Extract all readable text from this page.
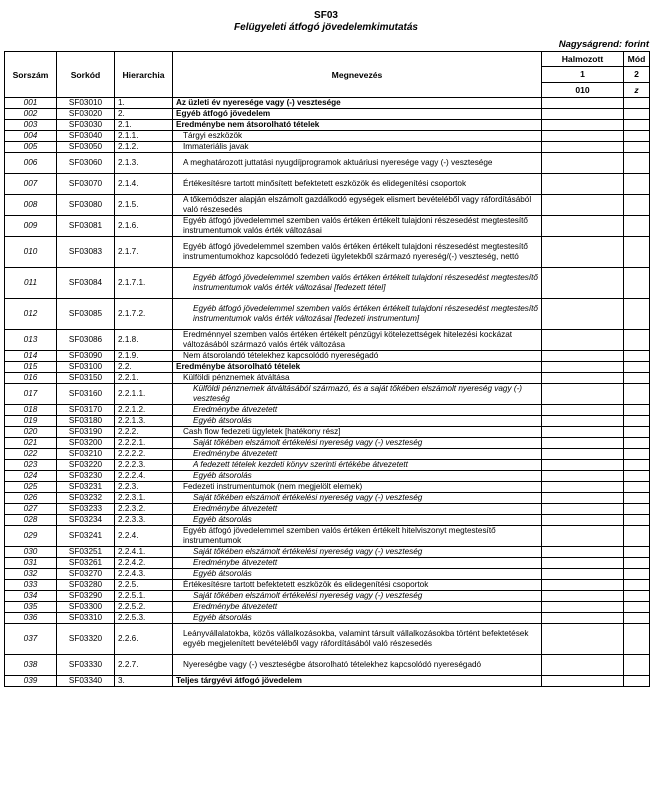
SF03
Felügyeleti átfogó jövedelemkimutatás
Nagyságrend: forint
Sorszám	Sorkód	Hierarchia	Megnevezés	Halmozott	Mód
				1	2
				010	z
001	SF03010	1.	Az üzleti év nyeresége vagy (-) vesztesége		
002	SF03020	2.	Egyéb átfogó jövedelem		
003	SF03030	2.1.	Eredménybe nem átsorolható tételek		
004	SF03040	2.1.1.	Tárgyi eszközök		
005	SF03050	2.1.2.	Immateriális javak		
006	SF03060	2.1.3.	A meghatározott juttatási nyugdíjprogramok aktuáriusi nyeresége vagy (-) vesztesége		
007	SF03070	2.1.4.	Értékesítésre tartott minősített befektetett eszközök és elidegenítési csoportok		
008	SF03080	2.1.5.	A tőkemódszer alapján elszámolt gazdálkodó egységek elismert bevételéből vagy ráfordításából való részesedés		
009	SF03081	2.1.6.	Egyéb átfogó jövedelemmel szemben valós értéken értékelt tulajdoni részesedést megtestesítő instrumentumok valós érték változásai		
010	SF03083	2.1.7.	Egyéb átfogó jövedelemmel szemben valós értéken értékelt tulajdoni részesedést megtestesítő instrumentumokhoz kapcsolódó fedezeti ügyletekből származó nyereség/(-) veszteség, nettó		
011	SF03084	2.1.7.1.	Egyéb átfogó jövedelemmel szemben valós értéken értékelt tulajdoni részesedést megtestesítő instrumentumok valós érték változásai [fedezett tétel]		
012	SF03085	2.1.7.2.	Egyéb átfogó jövedelemmel szemben valós értéken értékelt tulajdoni részesedést megtestesítő instrumentumok valós érték változásai [fedezeti instrumentum]		
013	SF03086	2.1.8.	Eredménnyel szemben valós értéken értékelt pénzügyi kötelezettségek hitelezési kockázat változásából származó valós érték változása		
014	SF03090	2.1.9.	Nem átsorolandó tételekhez kapcsolódó nyereségadó		
015	SF03100	2.2.	Eredménybe átsorolható tételek		
016	SF03150	2.2.1.	Külföldi pénznemek átváltása		
017	SF03160	2.2.1.1.	Külföldi pénznemek átváltásából származó, és a saját tőkében elszámolt nyereség vagy (-) veszteség		
018	SF03170	2.2.1.2.	Eredménybe átvezetett		
019	SF03180	2.2.1.3.	Egyéb átsorolás		
020	SF03190	2.2.2.	Cash flow fedezeti ügyletek [hatékony rész]		
021	SF03200	2.2.2.1.	Saját tőkében elszámolt értékelési nyereség vagy (-) veszteség		
022	SF03210	2.2.2.2.	Eredménybe átvezetett		
023	SF03220	2.2.2.3.	A fedezett tételek kezdeti könyv szerinti értékébe átvezetett		
024	SF03230	2.2.2.4.	Egyéb átsorolás		
025	SF03231	2.2.3.	Fedezeti instrumentumok (nem megjelölt elemek)		
026	SF03232	2.2.3.1.	Saját tőkében elszámolt értékelési nyereség vagy (-) veszteség		
027	SF03233	2.2.3.2.	Eredménybe átvezetett		
028	SF03234	2.2.3.3.	Egyéb átsorolás		
029	SF03241	2.2.4.	Egyéb átfogó jövedelemmel szemben valós értéken értékelt hitelviszonyt megtestesítő instrumentumok		
030	SF03251	2.2.4.1.	Saját tőkében elszámolt értékelési nyereség vagy (-) veszteség		
031	SF03261	2.2.4.2.	Eredménybe átvezetett		
032	SF03270	2.2.4.3.	Egyéb átsorolás		
033	SF03280	2.2.5.	Értékesítésre tartott befektetett eszközök és elidegenítési csoportok		
034	SF03290	2.2.5.1.	Saját tőkében elszámolt értékelési nyereség vagy (-) veszteség		
035	SF03300	2.2.5.2.	Eredménybe átvezetett		
036	SF03310	2.2.5.3.	Egyéb átsorolás		
037	SF03320	2.2.6.	Leányvállalatokba, közös vállalkozásokba, valamint társult vállalkozásokba történt befektetések egyéb megjelenített bevételéből vagy ráfordításából való részesedés		
038	SF03330	2.2.7.	Nyereségbe vagy (-) veszteségbe átsorolható tételekhez kapcsolódó nyereségadó		
039	SF03340	3.	Teljes tárgyévi átfogó jövedelem		
